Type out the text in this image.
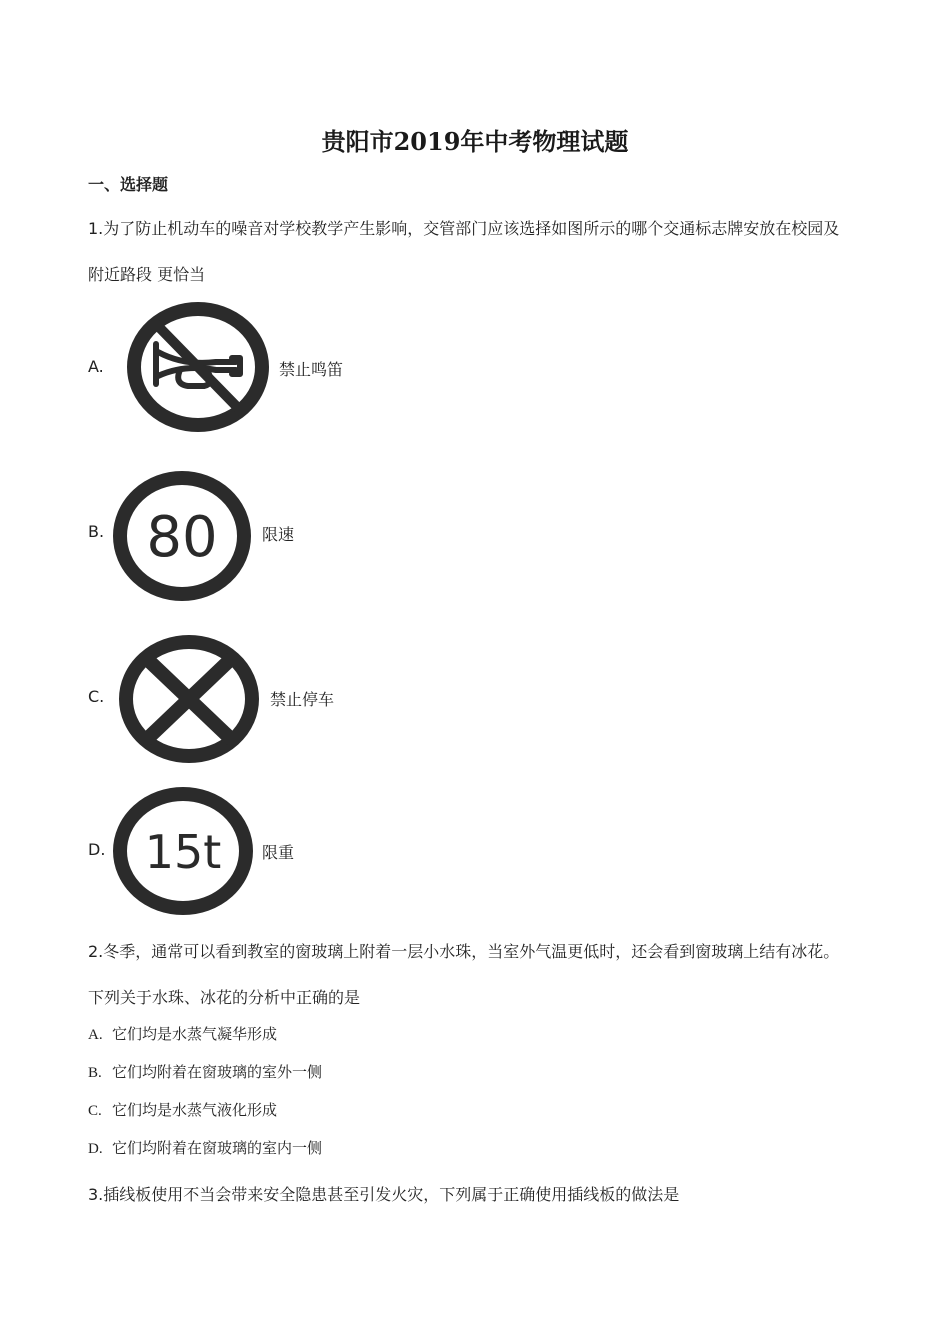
贵阳市2019年中考物理试题
一、选择题
1.为了防止机动车的噪音对学校教学产生影响，交管部门应该选择如图所示的哪个交通标志牌安放在校园及
附近路段 更恰当
A.	禁止鸣笛
B. 80	限速
C.	禁止停车
D. 15t	限重
2.冬季，通常可以看到教室的窗玻璃上附着一层小水珠，当室外气温更低时，还会看到窗玻璃上结有冰花。
下列关于水珠、冰花的分析中正确的是
A. 它们均是水蒸气凝华形成
B. 它们均附着在窗玻璃的室外一侧
C. 它们均是水蒸气液化形成
D. 它们均附着在窗玻璃的室内一侧
3.插线板使用不当会带来安全隐患甚至引发火灾，下列属于正确使用插线板的做法是
